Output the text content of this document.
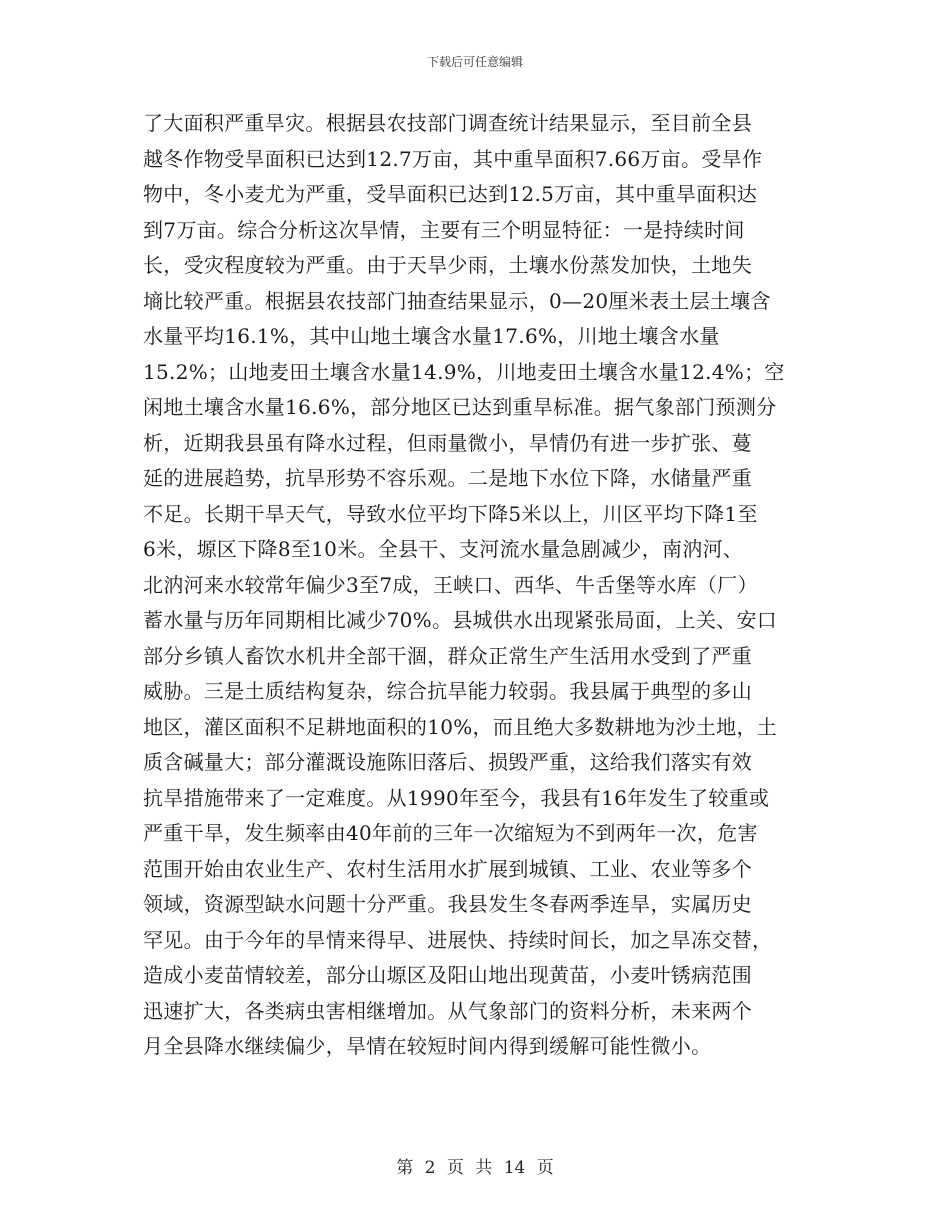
下载后可任意编辑
了大面积严重旱灾。根据县农技部门调查统计结果显示，至目前全县
越冬作物受旱面积已达到12.7万亩，其中重旱面积7.66万亩。受旱作
物中，冬小麦尤为严重，受旱面积已达到12.5万亩，其中重旱面积达
到7万亩。综合分析这次旱情，主要有三个明显特征：一是持续时间
长，受灾程度较为严重。由于天旱少雨，土壤水份蒸发加快，土地失
墒比较严重。根据县农技部门抽查结果显示，0—20厘米表土层土壤含
水量平均16.1%，其中山地土壤含水量17.6%，川地土壤含水量
15.2%；山地麦田土壤含水量14.9%，川地麦田土壤含水量12.4%；空
闲地土壤含水量16.6%，部分地区已达到重旱标准。据气象部门预测分
析，近期我县虽有降水过程，但雨量微小，旱情仍有进一步扩张、蔓
延的进展趋势，抗旱形势不容乐观。二是地下水位下降，水储量严重
不足。长期干旱天气，导致水位平均下降5米以上，川区平均下降1至
6米，塬区下降8至10米。全县干、支河流水量急剧减少，南汭河、
北汭河来水较常年偏少3至7成，王峡口、西华、牛舌堡等水库（厂）
蓄水量与历年同期相比减少70%。县城供水出现紧张局面，上关、安口
部分乡镇人畜饮水机井全部干涸，群众正常生产生活用水受到了严重
威胁。三是土质结构复杂，综合抗旱能力较弱。我县属于典型的多山
地区，灌区面积不足耕地面积的10%，而且绝大多数耕地为沙土地，土
质含碱量大；部分灌溉设施陈旧落后、损毁严重，这给我们落实有效
抗旱措施带来了一定难度。从1990年至今，我县有16年发生了较重或
严重干旱，发生频率由40年前的三年一次缩短为不到两年一次，危害
范围开始由农业生产、农村生活用水扩展到城镇、工业、农业等多个
领域，资源型缺水问题十分严重。我县发生冬春两季连旱，实属历史
罕见。由于今年的旱情来得早、进展快、持续时间长，加之旱冻交替，
造成小麦苗情较差，部分山塬区及阳山地出现黄苗，小麦叶锈病范围
迅速扩大，各类病虫害相继增加。从气象部门的资料分析，未来两个
月全县降水继续偏少，旱情在较短时间内得到缓解可能性微小。
第 2 页 共 14 页
